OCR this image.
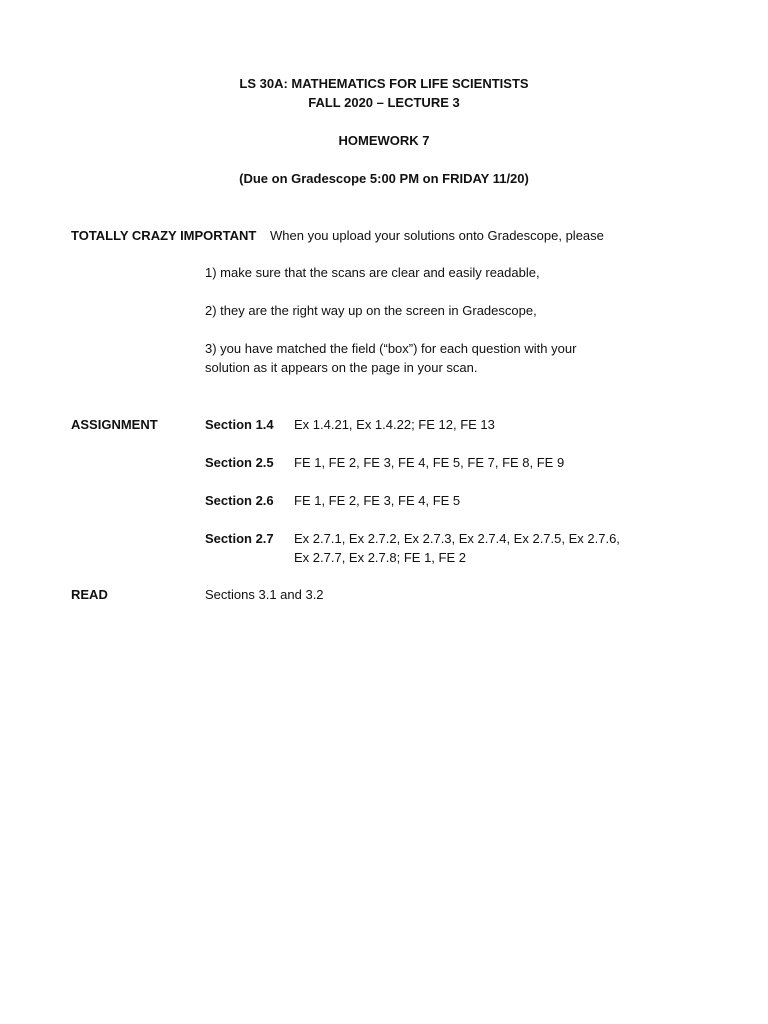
LS 30A: MATHEMATICS FOR LIFE SCIENTISTS
FALL 2020 – LECTURE 3
HOMEWORK 7
(Due on Gradescope 5:00 PM on FRIDAY 11/20)
TOTALLY CRAZY IMPORTANT When you upload your solutions onto Gradescope, please
1) make sure that the scans are clear and easily readable,
2) they are the right way up on the screen in Gradescope,
3) you have matched the field (“box”) for each question with your
solution as it appears on the page in your scan.
ASSIGNMENT	Section 1.4 Ex 1.4.21, Ex 1.4.22; FE 12, FE 13
Section 2.5 FE 1, FE 2, FE 3, FE 4, FE 5, FE 7, FE 8, FE 9
Section 2.6 FE 1, FE 2, FE 3, FE 4, FE 5
Section 2.7 Ex 2.7.1, Ex 2.7.2, Ex 2.7.3, Ex 2.7.4, Ex 2.7.5, Ex 2.7.6,
Ex 2.7.7, Ex 2.7.8; FE 1, FE 2
READ	Sections 3.1 and 3.2
